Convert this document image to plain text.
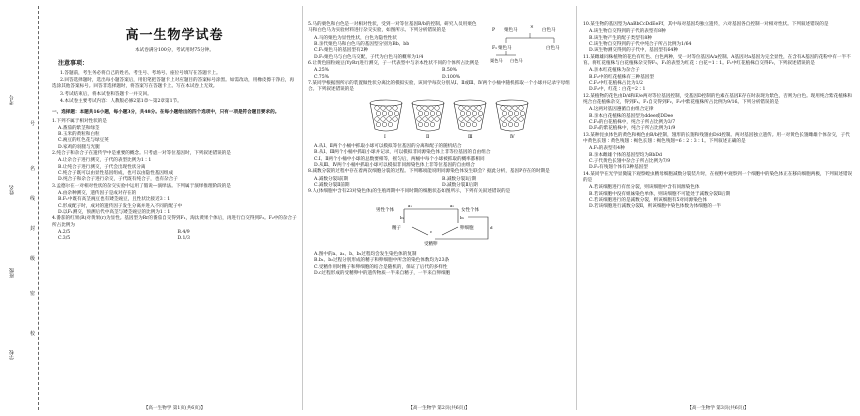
考号
姓名
班级
学校
号
名
线
封
级
密
校
高一生物学试卷
本试卷满分100分，考试用时75分钟。
注意事项：

1.答题前，考生务必将自己的姓名、考生号、考场号、座位号填写在答题卡上。

2.回答选择题时，选出每小题答案后，用铅笔把答题卡上对应题目的答案标号涂黑。如需改动，用橡皮擦干净后，再选涂其他答案标号。回答非选择题时，将答案写在答题卡上。写在本试卷上无效。

3.考试结束后，将本试卷和答题卡一并交回。

4.本试卷主要考试内容：人教版必修2第1章～第2章第1节。

一、选择题：本题共16小题，每小题3分，共48分。在每小题给出的四个选项中，只有一项是符合题目要求的。
1.下列不属于相对性状的是
A.番茄的紫茎和绿茎
B.玉米的黄粒和白粒
C.豌豆的红色花与绿豆荚
D.家鸡的羽腿与光腿
2.纯合子和杂合子在遗传学中是重要的概念。只考虑一对等位基因时，下列叙述错误的是
A.让杂合子进行测交，子代的表型比例为1∶1
B.让纯合子进行测交，子代会出现性状分离
C.纯合子既可以由显性基因组成，也可以由隐性基因组成
D.纯合子和杂合子进行杂交，子代既有纯合子，也有杂合子
3.孟德尔在一对相对性状的杂交实验中运用了假说—演绎法。下列属于演绎推理阶段的是
A.由杂种测交，遗传因子是成对存在的
B.F₁中既有高茎豌豆也有矮茎豌豆，且性状比接近3∶1
C.形成配子时，成对的遗传因子发生分离并进入不同的配子中
D.以F₁测交，预测后代中高茎与矮茎豌豆的比例为1∶1
4.番茄的红果(R)对黄果(r)为显性。基因型为Rr的番茄自交得到F₁，淘汰黄果个体后，再进行自交得到F₂。F₂中的杂合子所占比例为
A.2/5	B.4/9
C.3/5	D.1/3
【高一生物学 第1页(共6页)】
5.马的栗色和白色是一对相对性状，受到一对等位基因B/b的控制。研究人员用栗色马和白色马为实验材料进行杂交实验，如图所示。下列分析错误的是	P 栗色马
×
白色马
F₁ 栗色马	白色马
栗色马 白色马
A.马的栗色为显性性状，白色为隐性性状
B.亲代栗色马和白色马的基因型分别为Bb、bb
C.F₁栗色马的基因型有2种
D.F₁栗色马与白色马交配，子代为白色马的概率为1/4
6.让黄色圆粒豌豆(YyRr)进行测交，子一代表型中与亲本性状不同的个体所占比例是
A.25%	B.50%
C.75%	D.100%
7.某同学根据图所示的装置做性状分离比的模拟实验，该同学每次分别从Ⅰ、Ⅱ或Ⅲ、Ⅳ两个小桶中随机抓取一个小球并记录字母组合。下列叙述错误的是
Ⅰ	Ⅱ	Ⅲ	Ⅳ
A.从Ⅰ、Ⅱ两个小桶中抓取小球可以模拟等位基因的分离和配子的随机结合
B.从Ⅰ、Ⅲ两个小桶中抓取小球并记录，可以模拟非同源染色体上非等位基因的自由组合
C.Ⅰ、Ⅱ两个小桶中小球的总数要相等，摇匀后，两桶中每个小球被抓取的概率都相同
D.从Ⅲ、Ⅳ两个小桶中抓取小球可以模拟非同源染色体上非等位基因的自由组合
8.减数分裂的过程中存在着两次细胞分裂的过程。下列哪项能说明同源染色体发生联会？据此分析，基因P存在的时期是
A.减数分裂Ⅰ前期	B.减数分裂Ⅰ后期
C.减数分裂Ⅱ前期	D.减数分裂Ⅱ后期
9.人(体细胞中含有23对染色体)的生殖周期中不同时期的细胞状态如图所示，下列有关叙述错误的是
男性个体	女性个体
精子	卵细胞
受精卵
a₁
b₁
a₂
b₂
c
d
A.图中的a、a₁、b、b₂过程均会发生染色体的复制
B.b₁、b₂过程分别形成的精子和卵细胞中所含的染色体数均为23条
C.受精作用时精子和卵细胞的结合是随机的，保证了后代的多样性
D.c过程形成的受精卵中的遗传物质一半来自精子，一半来自卵细胞
【高一生物学 第2页(共6页)】
10.某生物的基因型为AaBbCcDdEeFf，其中每对基因均独立遗传，六对基因各自控制一对相对性状。下列叙述错误的是
A.该生物自交得到的子代的表型有8种
B.该生物产生的配子类型有8种
C.该生物自交得到的子代中纯合子所占比例为1/64
D.该生物测交得到的子代中，基因型有64种
11.某雌雄同株植物的花色有红色、白色两种，受一对等位基因A/a控制。A基因对a基因为完全显性，在含有A基因的花粉中有一半不育。将红花植株与白花植株杂交得F₁，F₁的表型为红花∶白花=1∶1。F₁中红花植株自交得F₂，下列叙述错误的是
A.亲本红花植株为杂合子
B.F₂中的红花植株有三种基因型
C.F₂中红花植株占比为1/2
D.F₂中，红花∶白花=2∶1
12.某植物的花色由D/d和E/e两对等位基因控制，受基因D控制的色素在基因E存在时表现为紫色，否则为白色。现用纯合紫花植株和纯合白花植株杂交，得到F₁。F₁自交得到F₂，F₂中紫花植株所占比例为9/16。下列分析错误的是
A.这两对基因遵循自由组合定律
B.亲本白花植株的基因型为ddee或DDee
C.F₂的白花植株中，纯合子所占比例为3/7
D.F₂的紫花植株中，纯合子所占比例为1/9
13.某种昆虫体色的黄色和褐色由B/b控制，翅形的长翅和残翅由D/d控制。两对基因独立遗传。用一对黄色长翅雌雄个体杂交，子代中黄色长翅∶黄色残翅∶褐色长翅∶褐色残翅=6∶2∶3∶1。下列叙述正确的是
A.F₁的表型有4种
B.亲本雌雄个体的基因型均为BbDd
C.子代黄色长翅中杂合子所占比例为7/9
D.F₁有残翅个体有3种基因型
14.某同学在光学显微镜下观察蝗虫精母细胞减数分裂装片时，在视野中观察到一个细胞中的染色体正在移向细胞两极，下列叙述错误的是
A.若该细胞进行有丝分裂，则该细胞中含有同源染色体
B.若该细胞中没有姐妹染色单体，则该细胞不可能处于减数分裂Ⅱ后期
C.若该细胞进行的是减数分裂，则该细胞有5对同源染色体
D.若该细胞进行减数分裂Ⅱ，则该细胞中染色体数为体细胞的一半
【高一生物学 第3页(共6页)】
